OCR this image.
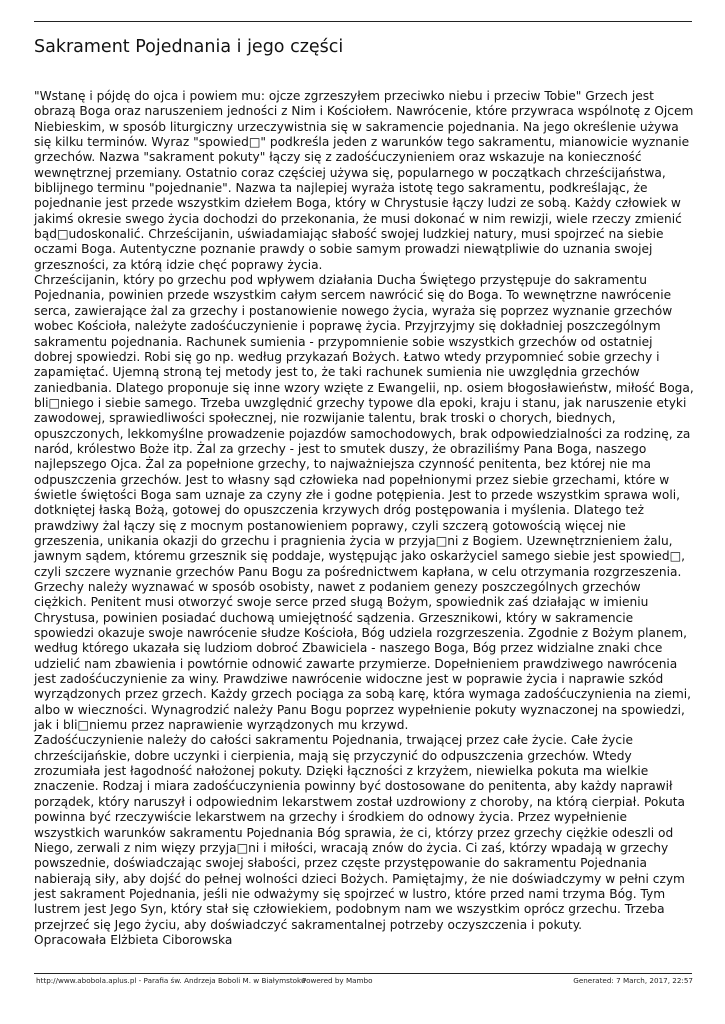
Sakrament Pojednania i jego części

"Wstanę i pójdę do ojca i powiem mu: ojcze zgrzeszyłem przeciwko niebu i przeciw Tobie" Grzech jest obrazą Boga oraz naruszeniem jedności z Nim i Kościołem. Nawrócenie, które przywraca wspólnotę z Ojcem Niebieskim, w sposób liturgiczny urzeczywistnia się w sakramencie pojednania. Na jego określenie używa się kilku terminów. Wyraz "spowied□" podkreśla jeden z warunków tego sakramentu, mianowicie wyznanie grzechów. Nazwa "sakrament pokuty" łączy się z zadośćuczynieniem oraz wskazuje na konieczność wewnętrznej przemiany. Ostatnio coraz częściej używa się, popularnego w początkach chrześcijaństwa, biblijnego terminu "pojednanie". Nazwa ta najlepiej wyraża istotę tego sakramentu, podkreślając, że pojednanie jest przede wszystkim dziełem Boga, który w Chrystusie łączy ludzi ze sobą. Każdy człowiek w jakimś okresie swego życia dochodzi do przekonania, że musi dokonać w nim rewizji, wiele rzeczy zmienić bąd□udoskonalić. Chrześcijanin, uświadamiając słabość swojej ludzkiej natury, musi spojrzeć na siebie oczami Boga. Autentyczne poznanie prawdy o sobie samym prowadzi niewątpliwie do uznania swojej grzeszności, za którą idzie chęć poprawy życia.

Chrześcijanin, który po grzechu pod wpływem działania Ducha Świętego przystępuje do sakramentu Pojednania, powinien przede wszystkim całym sercem nawrócić się do Boga. To wewnętrzne nawrócenie serca, zawierające żal za grzechy i postanowienie nowego życia, wyraża się poprzez wyznanie grzechów wobec Kościoła, należyte zadośćuczynienie i poprawę życia. Przyjrzyjmy się dokładniej poszczególnym sakramentu pojednania. Rachunek sumienia - przypomnienie sobie wszystkich grzechów od ostatniej dobrej spowiedzi. Robi się go np. według przykazań Bożych. Łatwo wtedy przypomnieć sobie grzechy i zapamiętać. Ujemną stroną tej metody jest to, że taki rachunek sumienia nie uwzględnia grzechów zaniedbania. Dlatego proponuje się inne wzory wzięte z Ewangelii, np. osiem błogosławieństw, miłość Boga, bli□niego i siebie samego. Trzeba uwzględnić grzechy typowe dla epoki, kraju i stanu, jak naruszenie etyki zawodowej, sprawiedliwości społecznej, nie rozwijanie talentu, brak troski o chorych, biednych, opuszczonych, lekkomyślne prowadzenie pojazdów samochodowych, brak odpowiedzialności za rodzinę, za naród, królestwo Boże itp. Żal za grzechy - jest to smutek duszy, że obraziliśmy Pana Boga, naszego najlepszego Ojca. Żal za popełnione grzechy, to najważniejsza czynność penitenta, bez której nie ma odpuszczenia grzechów. Jest to własny sąd człowieka nad popełnionymi przez siebie grzechami, które w świetle świętości Boga sam uznaje za czyny złe i godne potępienia. Jest to przede wszystkim sprawa woli, dotkniętej łaską Bożą, gotowej do opuszczenia krzywych dróg postępowania i myślenia. Dlatego też prawdziwy żal łączy się z mocnym postanowieniem poprawy, czyli szczerą gotowością więcej nie grzeszenia, unikania okazji do grzechu i pragnienia życia w przyja□ni z Bogiem. Uzewnętrznieniem żalu, jawnym sądem, któremu grzesznik się poddaje, występując jako oskarżyciel samego siebie jest spowied□, czyli szczere wyznanie grzechów Panu Bogu za pośrednictwem kapłana, w celu otrzymania rozgrzeszenia. Grzechy należy wyznawać w sposób osobisty, nawet z podaniem genezy poszczególnych grzechów ciężkich. Penitent musi otworzyć swoje serce przed sługą Bożym, spowiednik zaś działając w imieniu Chrystusa, powinien posiadać duchową umiejętność sądzenia. Grzesznikowi, który w sakramencie spowiedzi okazuje swoje nawrócenie słudze Kościoła, Bóg udziela rozgrzeszenia. Zgodnie z Bożym planem, według którego ukazała się ludziom dobroć Zbawiciela - naszego Boga, Bóg przez widzialne znaki chce udzielić nam zbawienia i powtórnie odnowić zawarte przymierze. Dopełnieniem prawdziwego nawrócenia jest zadośćuczynienie za winy. Prawdziwe nawrócenie widoczne jest w poprawie życia i naprawie szkód wyrządzonych przez grzech. Każdy grzech pociąga za sobą karę, która wymaga zadośćuczynienia na ziemi, albo w wieczności. Wynagrodzić należy Panu Bogu poprzez wypełnienie pokuty wyznaczonej na spowiedzi, jak i bli□niemu przez naprawienie wyrządzonych mu krzywd.

Zadośćuczynienie należy do całości sakramentu Pojednania, trwającej przez całe życie. Całe życie chrześcijańskie, dobre uczynki i cierpienia, mają się przyczynić do odpuszczenia grzechów. Wtedy zrozumiała jest łagodność nałożonej pokuty. Dzięki łączności z krzyżem, niewielka pokuta ma wielkie znaczenie. Rodzaj i miara zadośćuczynienia powinny być dostosowane do penitenta, aby każdy naprawił porządek, który naruszył i odpowiednim lekarstwem został uzdrowiony z choroby, na którą cierpiał. Pokuta powinna być rzeczywiście lekarstwem na grzechy i środkiem do odnowy życia. Przez wypełnienie wszystkich warunków sakramentu Pojednania Bóg sprawia, że ci, którzy przez grzechy ciężkie odeszli od Niego, zerwali z nim więzy przyja□ni i miłości, wracają znów do życia. Ci zaś, którzy wpadają w grzechy powszednie, doświadczając swojej słabości, przez częste przystępowanie do sakramentu Pojednania nabierają siły, aby dojść do pełnej wolności dzieci Bożych. Pamiętajmy, że nie doświadczymy w pełni czym jest sakrament Pojednania, jeśli nie odważymy się spojrzeć w lustro, które przed nami trzyma Bóg. Tym lustrem jest Jego Syn, który stał się człowiekiem, podobnym nam we wszystkim oprócz grzechu. Trzeba przejrzeć się Jego życiu, aby doświadczyć sakramentalnej potrzeby oczyszczenia i pokuty.

Opracowała Elżbieta Ciborowska

http://www.abobola.aplus.pl - Parafia św. Andrzeja Boboli M. w Białymstoku
Powered by Mambo	Generated: 7 March, 2017, 22:57
